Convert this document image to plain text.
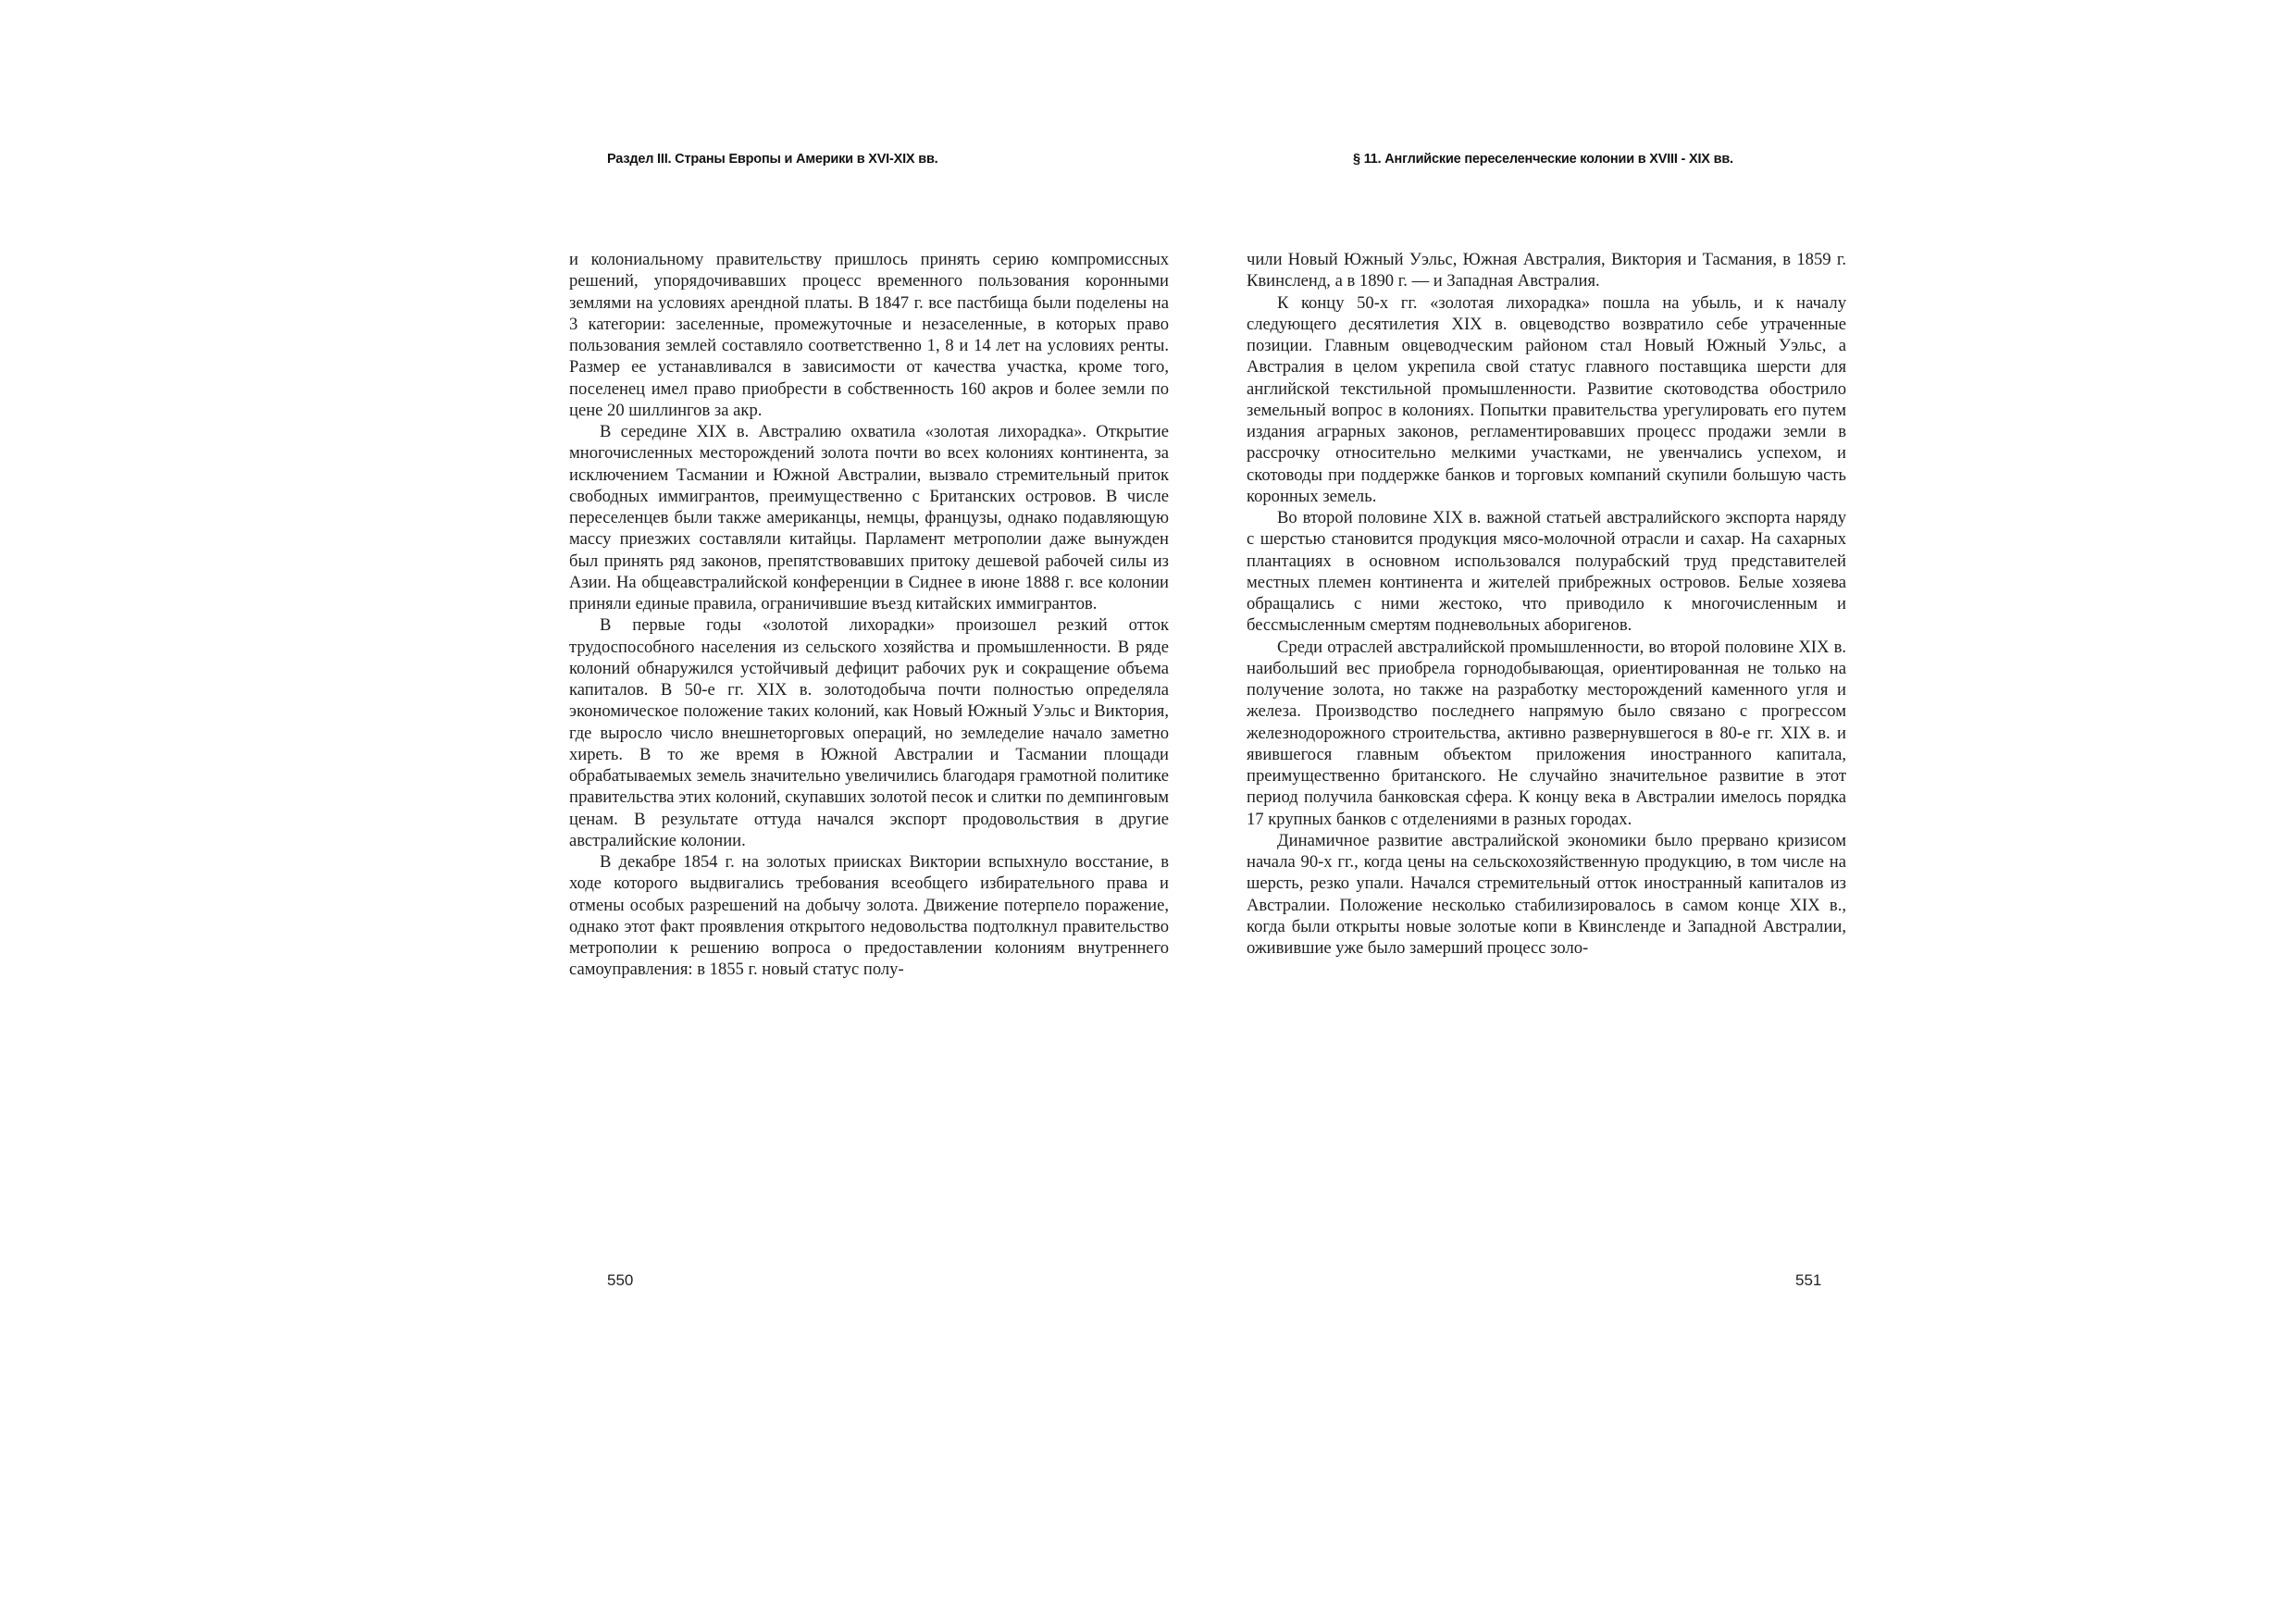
Раздел III. Страны Европы и Америки в XVI-XIX вв.

и колониальному правительству пришлось принять серию компромиссных решений, упорядочивавших процесс временного пользования коронными землями на условиях арендной платы. В 1847 г. все пастбища были поделены на 3 категории: заселенные, промежуточные и незаселенные, в которых право пользования землей составляло соответственно 1, 8 и 14 лет на условиях ренты. Размер ее устанавливался в зависимости от качества участка, кроме того, поселенец имел право приобрести в собственность 160 акров и более земли по цене 20 шиллингов за акр.

В середине XIX в. Австралию охватила «золотая лихорадка». Открытие многочисленных месторождений золота почти во всех колониях континента, за исключением Тасмании и Южной Австралии, вызвало стремительный приток свободных иммигрантов, преимущественно с Британских островов. В числе переселенцев были также американцы, немцы, французы, однако подавляющую массу приезжих составляли китайцы. Парламент метрополии даже вынужден был принять ряд законов, препятствовавших притоку дешевой рабочей силы из Азии. На общеавстралийской конференции в Сиднее в июне 1888 г. все колонии приняли единые правила, ограничившие въезд китайских иммигрантов.

В первые годы «золотой лихорадки» произошел резкий отток трудоспособного населения из сельского хозяйства и промышленности. В ряде колоний обнаружился устойчивый дефицит рабочих рук и сокращение объема капиталов. В 50-е гг. XIX в. золотодобыча почти полностью определяла экономическое положение таких колоний, как Новый Южный Уэльс и Виктория, где выросло число внешнеторговых операций, но земледелие начало заметно хиреть. В то же время в Южной Австралии и Тасмании площади обрабатываемых земель значительно увеличились благодаря грамотной политике правительства этих колоний, скупавших золотой песок и слитки по демпинговым ценам. В результате оттуда начался экспорт продовольствия в другие австралийские колонии.

В декабре 1854 г. на золотых приисках Виктории вспыхнуло восстание, в ходе которого выдвигались требования всеобщего избирательного права и отмены особых разрешений на добычу золота. Движение потерпело поражение, однако этот факт проявления открытого недовольства подтолкнул правительство метрополии к решению вопроса о предоставлении колониям внутреннего самоуправления: в 1855 г. новый статус полу-

550
§ 11. Английские переселенческие колонии в XVIII - XIX вв.

чили Новый Южный Уэльс, Южная Австралия, Виктория и Тасмания, в 1859 г. Квинсленд, а в 1890 г. — и Западная Австралия.

К концу 50-х гг. «золотая лихорадка» пошла на убыль, и к началу следующего десятилетия XIX в. овцеводство возвратило себе утраченные позиции. Главным овцеводческим районом стал Новый Южный Уэльс, а Австралия в целом укрепила свой статус главного поставщика шерсти для английской текстильной промышленности. Развитие скотоводства обострило земельный вопрос в колониях. Попытки правительства урегулировать его путем издания аграрных законов, регламентировавших процесс продажи земли в рассрочку относительно мелкими участками, не увенчались успехом, и скотоводы при поддержке банков и торговых компаний скупили большую часть коронных земель.

Во второй половине XIX в. важной статьей австралийского экспорта наряду с шерстью становится продукция мясо-молочной отрасли и сахар. На сахарных плантациях в основном использовался полурабский труд представителей местных племен континента и жителей прибрежных островов. Белые хозяева обращались с ними жестоко, что приводило к многочисленным и бессмысленным смертям подневольных аборигенов.

Среди отраслей австралийской промышленности, во второй половине XIX в. наибольший вес приобрела горнодобывающая, ориентированная не только на получение золота, но также на разработку месторождений каменного угля и железа. Производство последнего напрямую было связано с прогрессом железнодорожного строительства, активно развернувшегося в 80-е гг. XIX в. и явившегося главным объектом приложения иностранного капитала, преимущественно британского. Не случайно значительное развитие в этот период получила банковская сфера. К концу века в Австралии имелось порядка 17 крупных банков с отделениями в разных городах.

Динамичное развитие австралийской экономики было прервано кризисом начала 90-х гг., когда цены на сельскохозяйственную продукцию, в том числе на шерсть, резко упали. Начался стремительный отток иностранный капиталов из Австралии. Положение несколько стабилизировалось в самом конце XIX в., когда были открыты новые золотые копи в Квинсленде и Западной Австралии, оживившие уже было замерший процесс золо-

551
